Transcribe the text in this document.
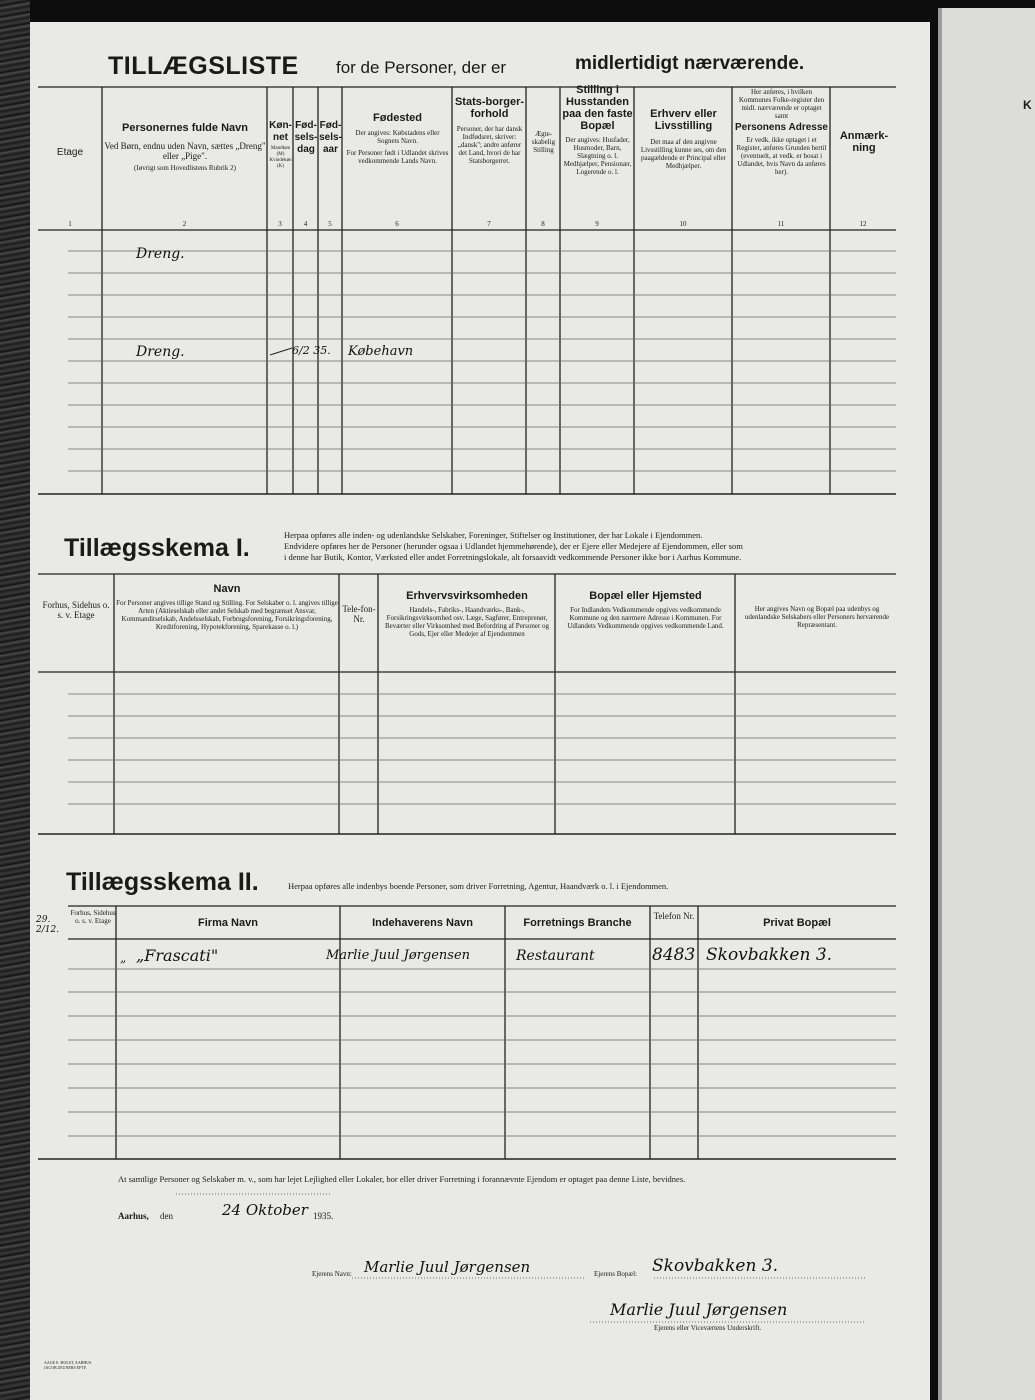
K
TILLÆGSLISTE for de Personer, der er	midlertidigt nærværende.
Etage
Personernes fulde Navn
Ved Børn, endnu uden Navn, sættes „Dreng" eller „Pige".
(Iøvrigt som Hovedlistens Rubrik 2)
Køn-net
Mandkøn (M) Kvindekøn (K)
Fød-sels-dag
Fød-sels-aar
Fødested
Der angives: Købstadens eller Sognets Navn.
For Personer født i Udlandet skrives vedkommende Lands Navn.
Stats-borger-forhold
Personer, der har dansk Indfødsret, skriver: „dansk"; andre anfører det Land, hvori de har Statsborgerret.
Ægte-skabelig Stilling
Stilling i Husstanden paa den faste Bopæl
Der angives: Husfader, Husmoder, Barn, Slægtning o. l. Medhjælper, Pensionær, Logerende o. l.
Erhverv eller Livsstilling
Det maa af den angivne Livsstilling kunne ses, om den paagældende er Principal eller Medhjælper.
Her anføres, i hvilken Kommunes Folke-register den midl. nærværende er optaget samt
Personens Adresse
Er vedk. ikke optaget i et Register, anføres Grunden hertil (eventuelt, at vedk. er bosat i Udlandet, hvis Navn da anføres her).
Anmærk-ning
1	2	3	4	5	6	7	8	9	10	11	12
Dreng.
Dreng.	6/2 35. Købehavn
Tillægsskema I.	Herpaa opføres alle inden- og udenlandske Selskaber, Foreninger, Stiftelser og Institutioner, der har Lokale i Ejendommen.
Endvidere opføres her de Personer (herunder ogsaa i Udlandet hjemmehørende), der er Ejere eller Medejere af Ejendommen, eller som
i denne har Butik, Kontor, Værksted eller andet Forretningslokale, alt forsaavidt vedkommende Personer ikke bor i Aarhus Kommune.
Forhus, Sidehus o. s. v. Etage
Navn
For Personer angives tillige Stand og Stilling. For Selskaber o. l. angives tillige Arten (Aktieselskab eller andet Selskab med begrænset Ansvar, Kommanditselskab, Andelsselskab, Forbrugsforening, Forsikringsforening, Kreditforening, Hypotekforening, Sparekasse o. l.)
Tele-fon-Nr.
Erhvervsvirksomheden
Handels-, Fabriks-, Haandværks-, Bank-, Forsikringsvirksomhed osv. Læge, Sagfører, Entreprenør, Beværter eller Virksomhed med Befordring af Personer og Gods, Ejer eller Medejer af Ejendommen
Bopæl eller Hjemsted
For Indlandets Vedkommende opgives vedkommende Kommune og den nærmere Adresse i Kommunen. For Udlandets Vedkommende opgives vedkommende Land.
Her angives Navn og Bopæl paa udenbys og udenlandske Selskabers eller Personers herværende Repræsentant.
Tillægsskema II.	Herpaa opføres alle indenbys boende Personer, som driver Forretning, Agentur, Haandværk o. l. i Ejendommen.
29. 2/12.
Forhus, Sidehus o. s. v. Etage	Firma Navn	Indehaverens Navn	Forretnings Branche
Telefon Nr.
Privat Bopæl
„ „Frascati"	Marlie Juul Jørgensen	Restaurant	8483 Skovbakken 3.
At samtlige Personer og Selskaber m. v., som har lejet Lejlighed eller Lokaler, bor eller driver Forretning i forannævnte Ejendom er optaget paa denne Liste, bevidnes.
Aarhus, den	24 Oktober 1935.
Ejerens Navn: Marlie Juul Jørgensen	Ejerens Bopæl: Skovbakken 3.
Marlie Juul Jørgensen
Ejerens eller Viceværtens Underskrift.
AAGE E. HOLST, AARHUS JACOB ZEUNERS EFTF.
